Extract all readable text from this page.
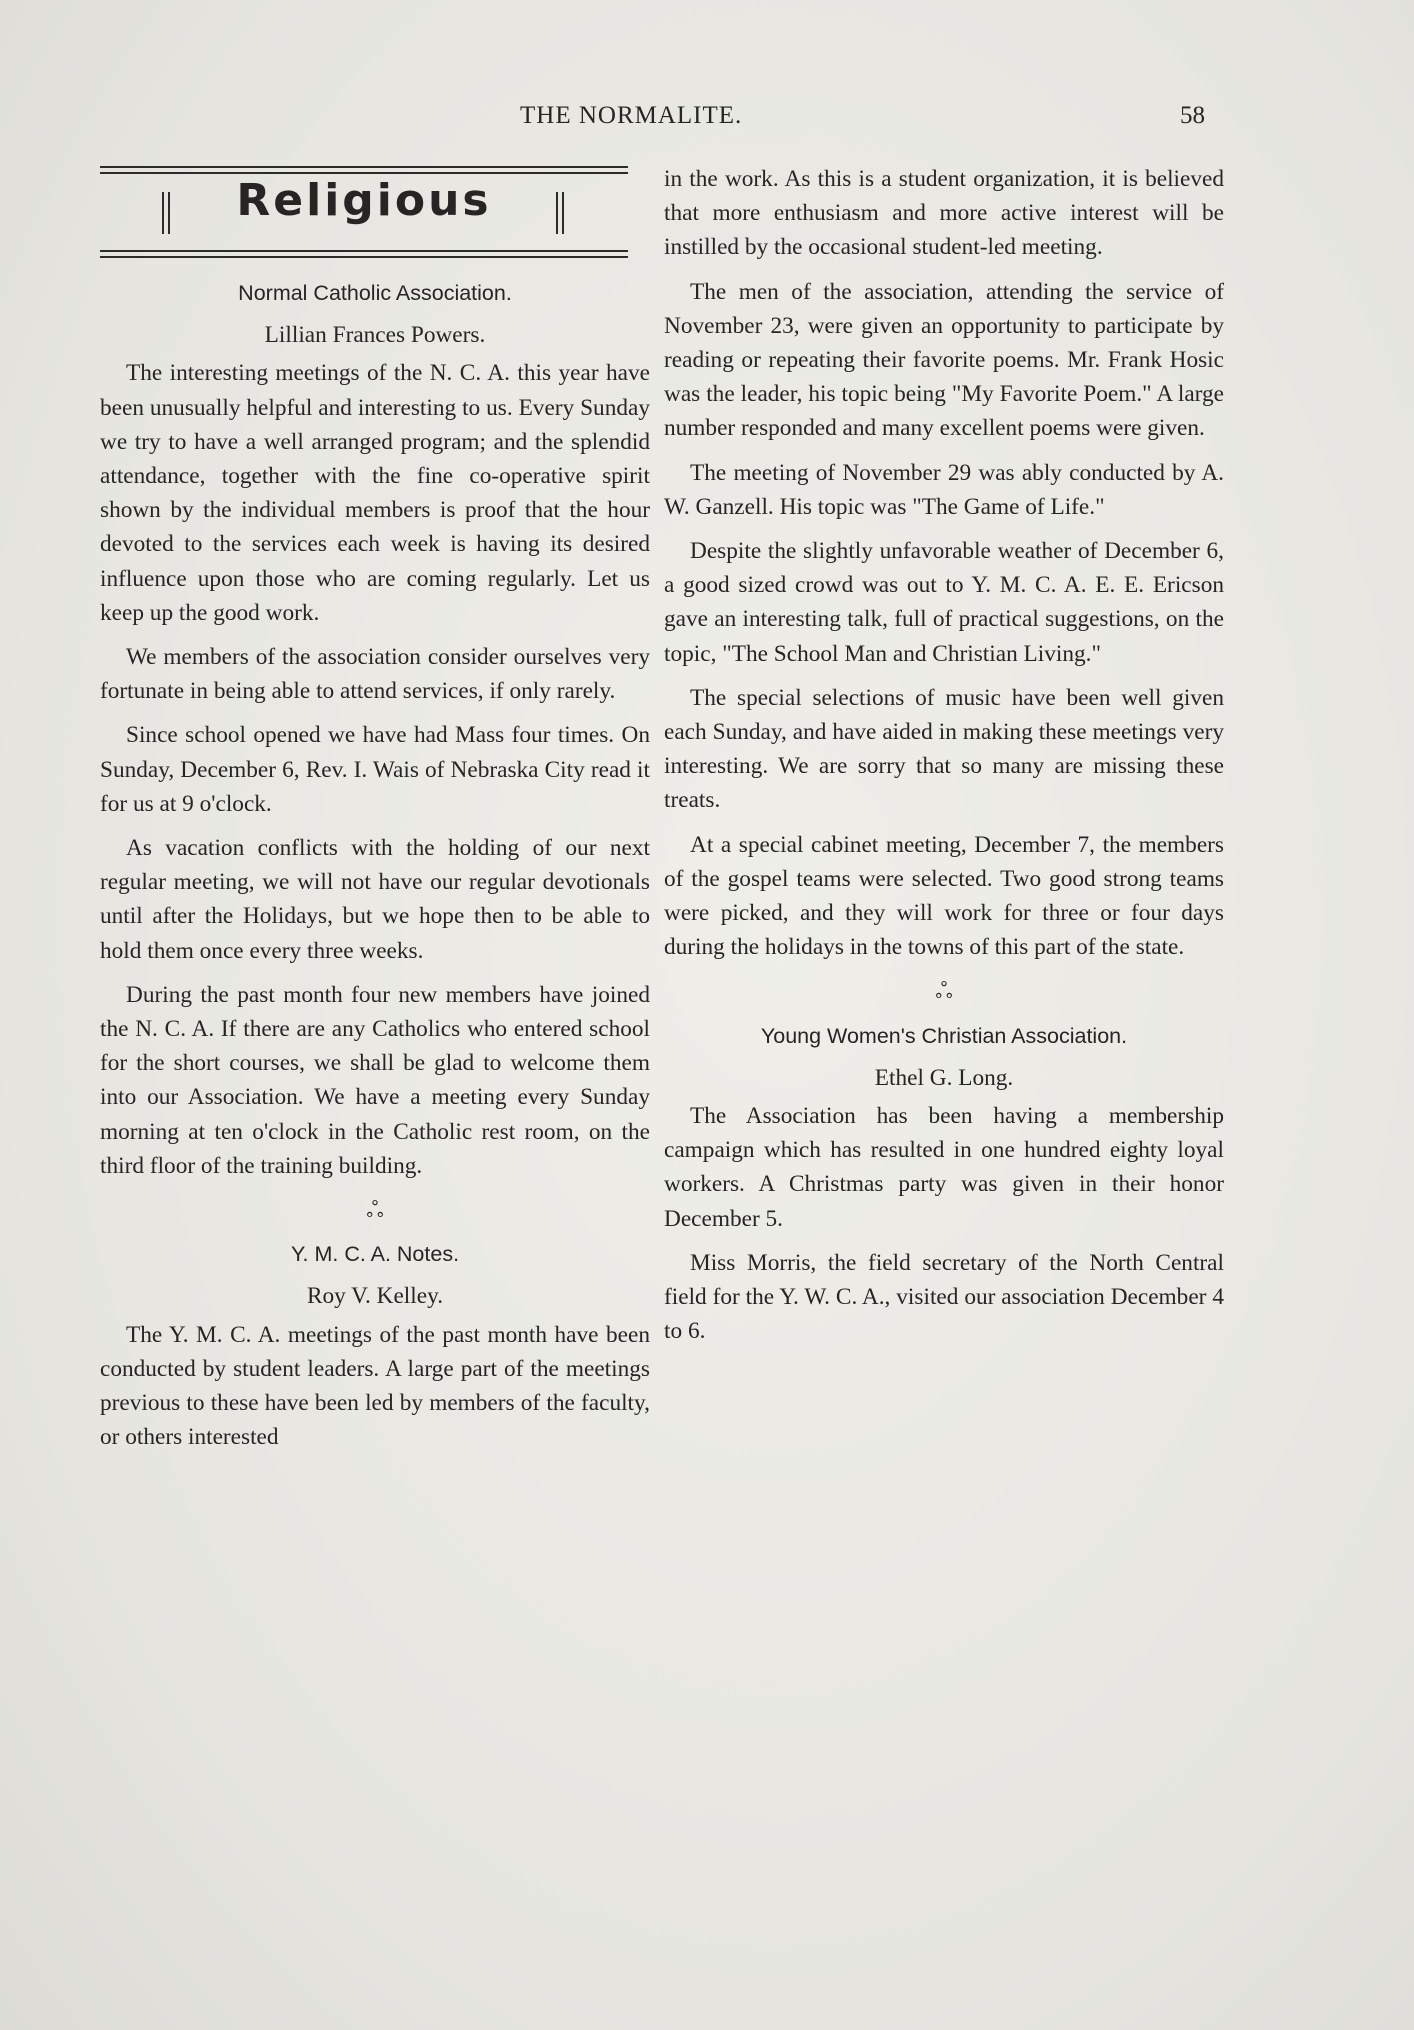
THE NORMALITE.	58
Religious
Normal Catholic Association.
Lillian Frances Powers.

The interesting meetings of the N. C. A. this year have been unusually helpful and interesting to us. Every Sunday we try to have a well arranged program; and the splendid attendance, together with the fine co-operative spirit shown by the individual members is proof that the hour devoted to the services each week is having its desired influence upon those who are coming regularly. Let us keep up the good work.

We members of the association consider ourselves very fortunate in being able to attend services, if only rarely.

Since school opened we have had Mass four times. On Sunday, December 6, Rev. I. Wais of Nebraska City read it for us at 9 o'clock.

As vacation conflicts with the holding of our next regular meeting, we will not have our regular devotionals until after the Holidays, but we hope then to be able to hold them once every three weeks.

During the past month four new members have joined the N. C. A. If there are any Catholics who entered school for the short courses, we shall be glad to welcome them into our Association. We have a meeting every Sunday morning at ten o'clock in the Catholic rest room, on the third floor of the training building.

ஃ
Y. M. C. A. Notes.
Roy V. Kelley.

The Y. M. C. A. meetings of the past month have been conducted by student leaders. A large part of the meetings previous to these have been led by members of the faculty, or others interested

in the work. As this is a student organization, it is believed that more enthusiasm and more active interest will be instilled by the occasional student-led meeting.

The men of the association, attending the service of November 23, were given an opportunity to participate by reading or repeating their favorite poems. Mr. Frank Hosic was the leader, his topic being "My Favorite Poem." A large number responded and many excellent poems were given.

The meeting of November 29 was ably conducted by A. W. Ganzell. His topic was "The Game of Life."

Despite the slightly unfavorable weather of December 6, a good sized crowd was out to Y. M. C. A. E. E. Ericson gave an interesting talk, full of practical suggestions, on the topic, "The School Man and Christian Living."

The special selections of music have been well given each Sunday, and have aided in making these meetings very interesting. We are sorry that so many are missing these treats.

At a special cabinet meeting, December 7, the members of the gospel teams were selected. Two good strong teams were picked, and they will work for three or four days during the holidays in the towns of this part of the state.

ஃ
Young Women's Christian Association.
Ethel G. Long.

The Association has been having a membership campaign which has resulted in one hundred eighty loyal workers. A Christmas party was given in their honor December 5.

Miss Morris, the field secretary of the North Central field for the Y. W. C. A., visited our association December 4 to 6.
